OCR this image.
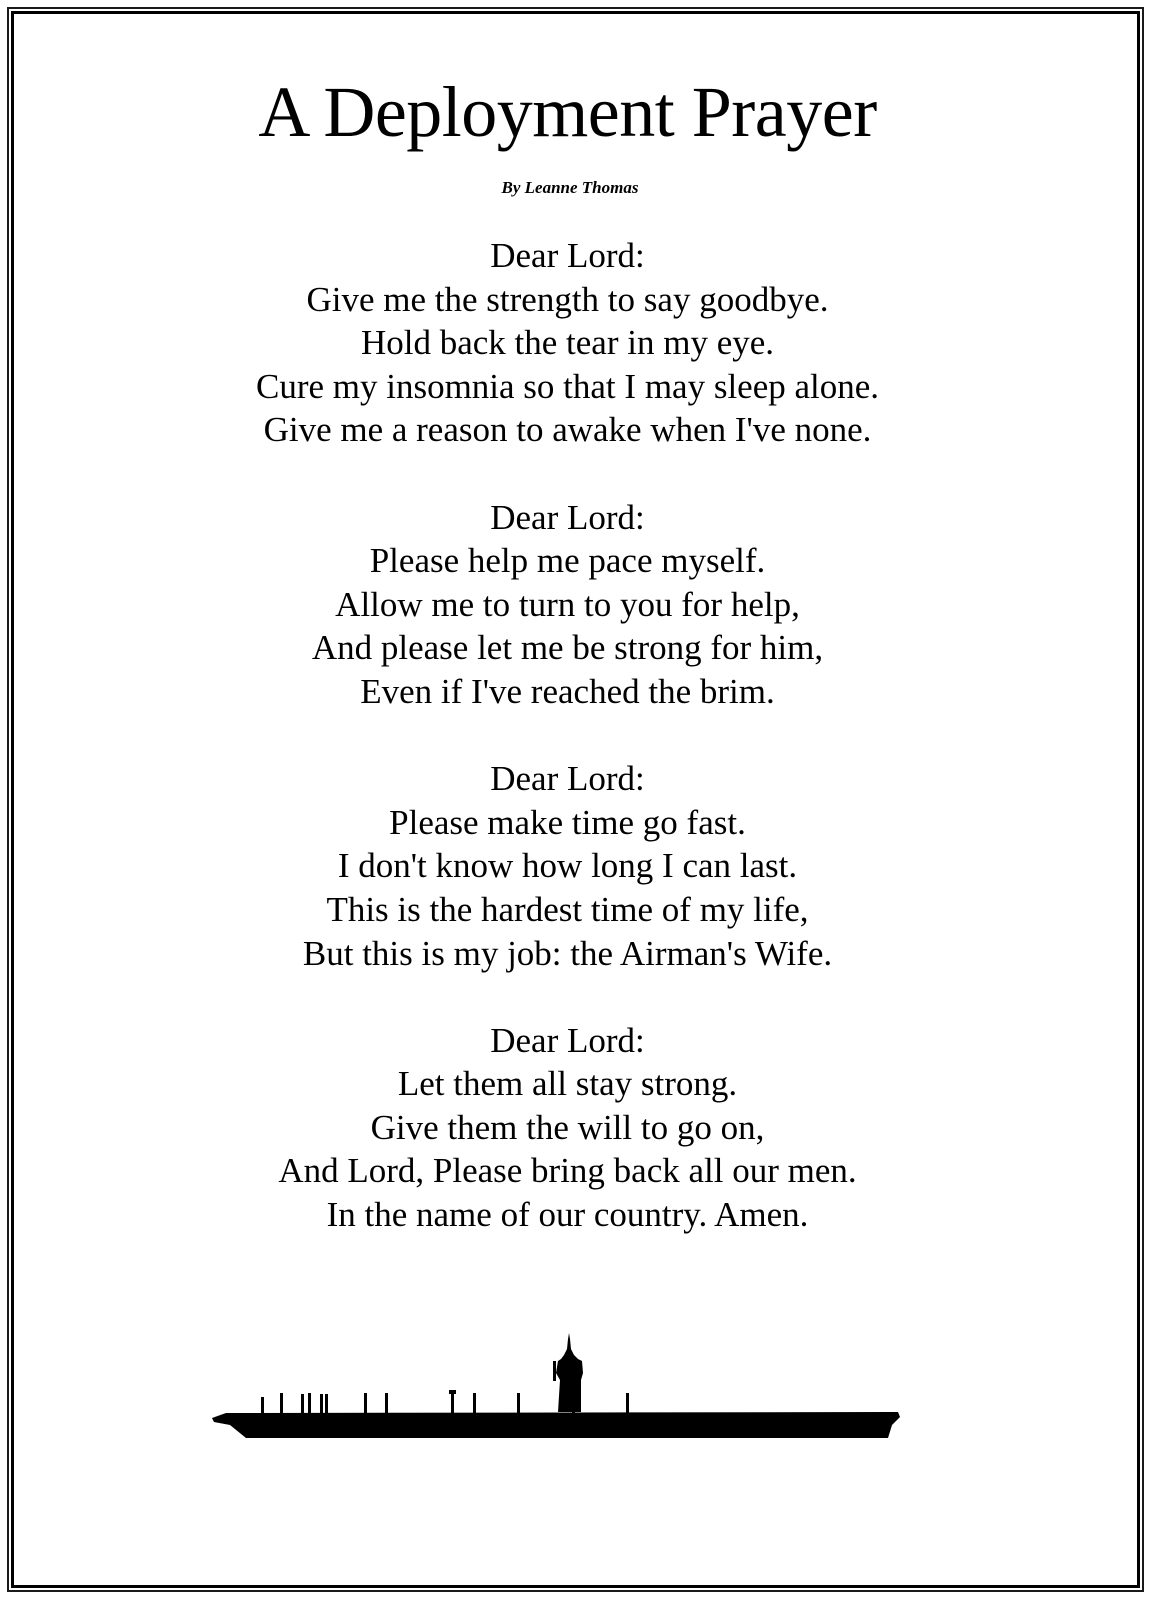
A Deployment Prayer

By Leanne Thomas

Dear Lord:
Give me the strength to say goodbye.
Hold back the tear in my eye.
Cure my insomnia so that I may sleep alone.
Give me a reason to awake when I've none.
Dear Lord:
Please help me pace myself.
Allow me to turn to you for help,
And please let me be strong for him,
Even if I've reached the brim.
Dear Lord:
Please make time go fast.
I don't know how long I can last.
This is the hardest time of my life,
But this is my job: the Airman's Wife.
Dear Lord:
Let them all stay strong.
Give them the will to go on,
And Lord, Please bring back all our men.
In the name of our country. Amen.
